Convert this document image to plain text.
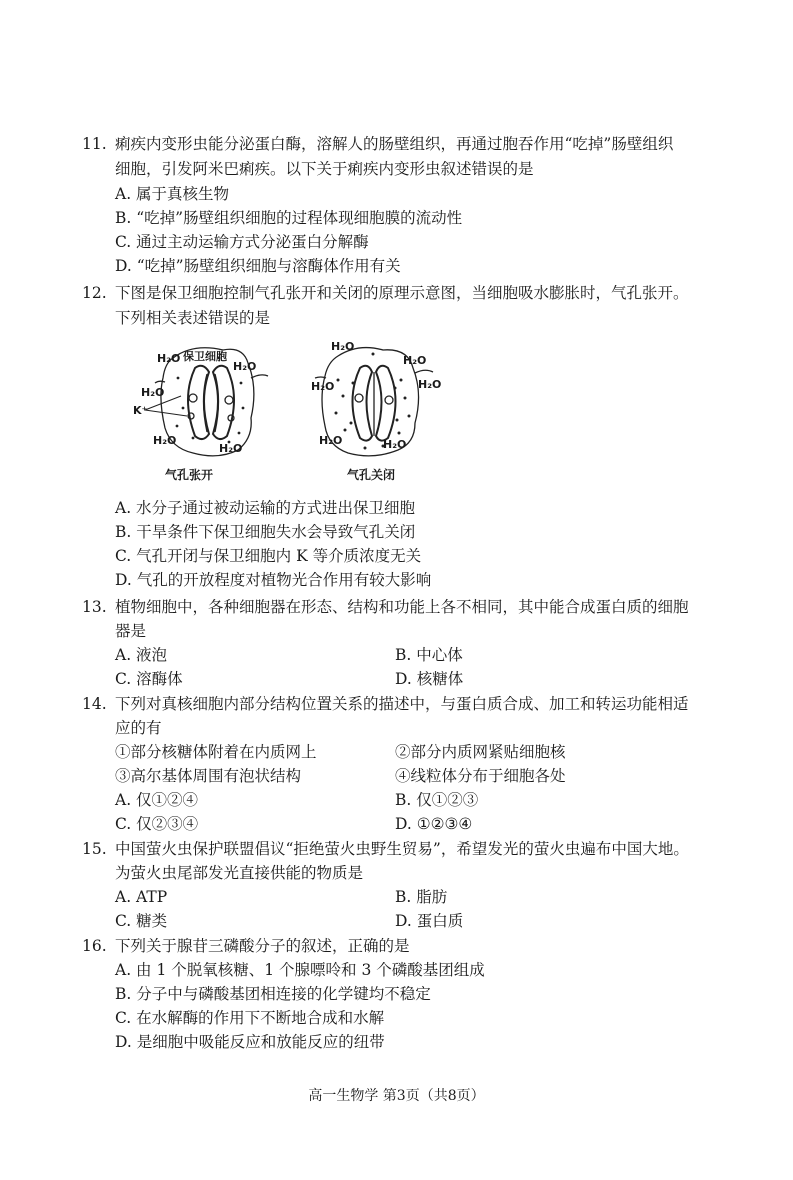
11. 痢疾内变形虫能分泌蛋白酶，溶解人的肠壁组织，再通过胞吞作用“吃掉”肠壁组织
细胞，引发阿米巴痢疾。以下关于痢疾内变形虫叙述错误的是
A. 属于真核生物
B. “吃掉”肠壁组织细胞的过程体现细胞膜的流动性
C. 通过主动运输方式分泌蛋白分解酶
D. “吃掉”肠壁组织细胞与溶酶体作用有关
12. 下图是保卫细胞控制气孔张开和关闭的原理示意图，当细胞吸水膨胀时，气孔张开。
下列相关表述错误的是
保卫细胞
H₂O
H₂O
H₂O
H₂O
H₂O
K⁺
H₂O
H₂O
H₂O
H₂O
H₂O	H₂O
气孔张开	气孔关闭
A. 水分子通过被动运输的方式进出保卫细胞
B. 干旱条件下保卫细胞失水会导致气孔关闭
C. 气孔开闭与保卫细胞内 K 等介质浓度无关
D. 气孔的开放程度对植物光合作用有较大影响
13. 植物细胞中，各种细胞器在形态、结构和功能上各不相同，其中能合成蛋白质的细胞
器是
A. 液泡	B. 中心体
C. 溶酶体	D. 核糖体
14. 下列对真核细胞内部分结构位置关系的描述中，与蛋白质合成、加工和转运功能相适
应的有
①部分核糖体附着在内质网上	②部分内质网紧贴细胞核
③高尔基体周围有泡状结构	④线粒体分布于细胞各处
A. 仅①②④	B. 仅①②③
C. 仅②③④	D. ①②③④
15. 中国萤火虫保护联盟倡议“拒绝萤火虫野生贸易”，希望发光的萤火虫遍布中国大地。
为萤火虫尾部发光直接供能的物质是
A. ATP	B. 脂肪
C. 糖类	D. 蛋白质
16. 下列关于腺苷三磷酸分子的叙述，正确的是
A. 由 1 个脱氧核糖、1 个腺嘌呤和 3 个磷酸基团组成
B. 分子中与磷酸基团相连接的化学键均不稳定
C. 在水解酶的作用下不断地合成和水解
D. 是细胞中吸能反应和放能反应的纽带
高一生物学 第3页（共8页）
